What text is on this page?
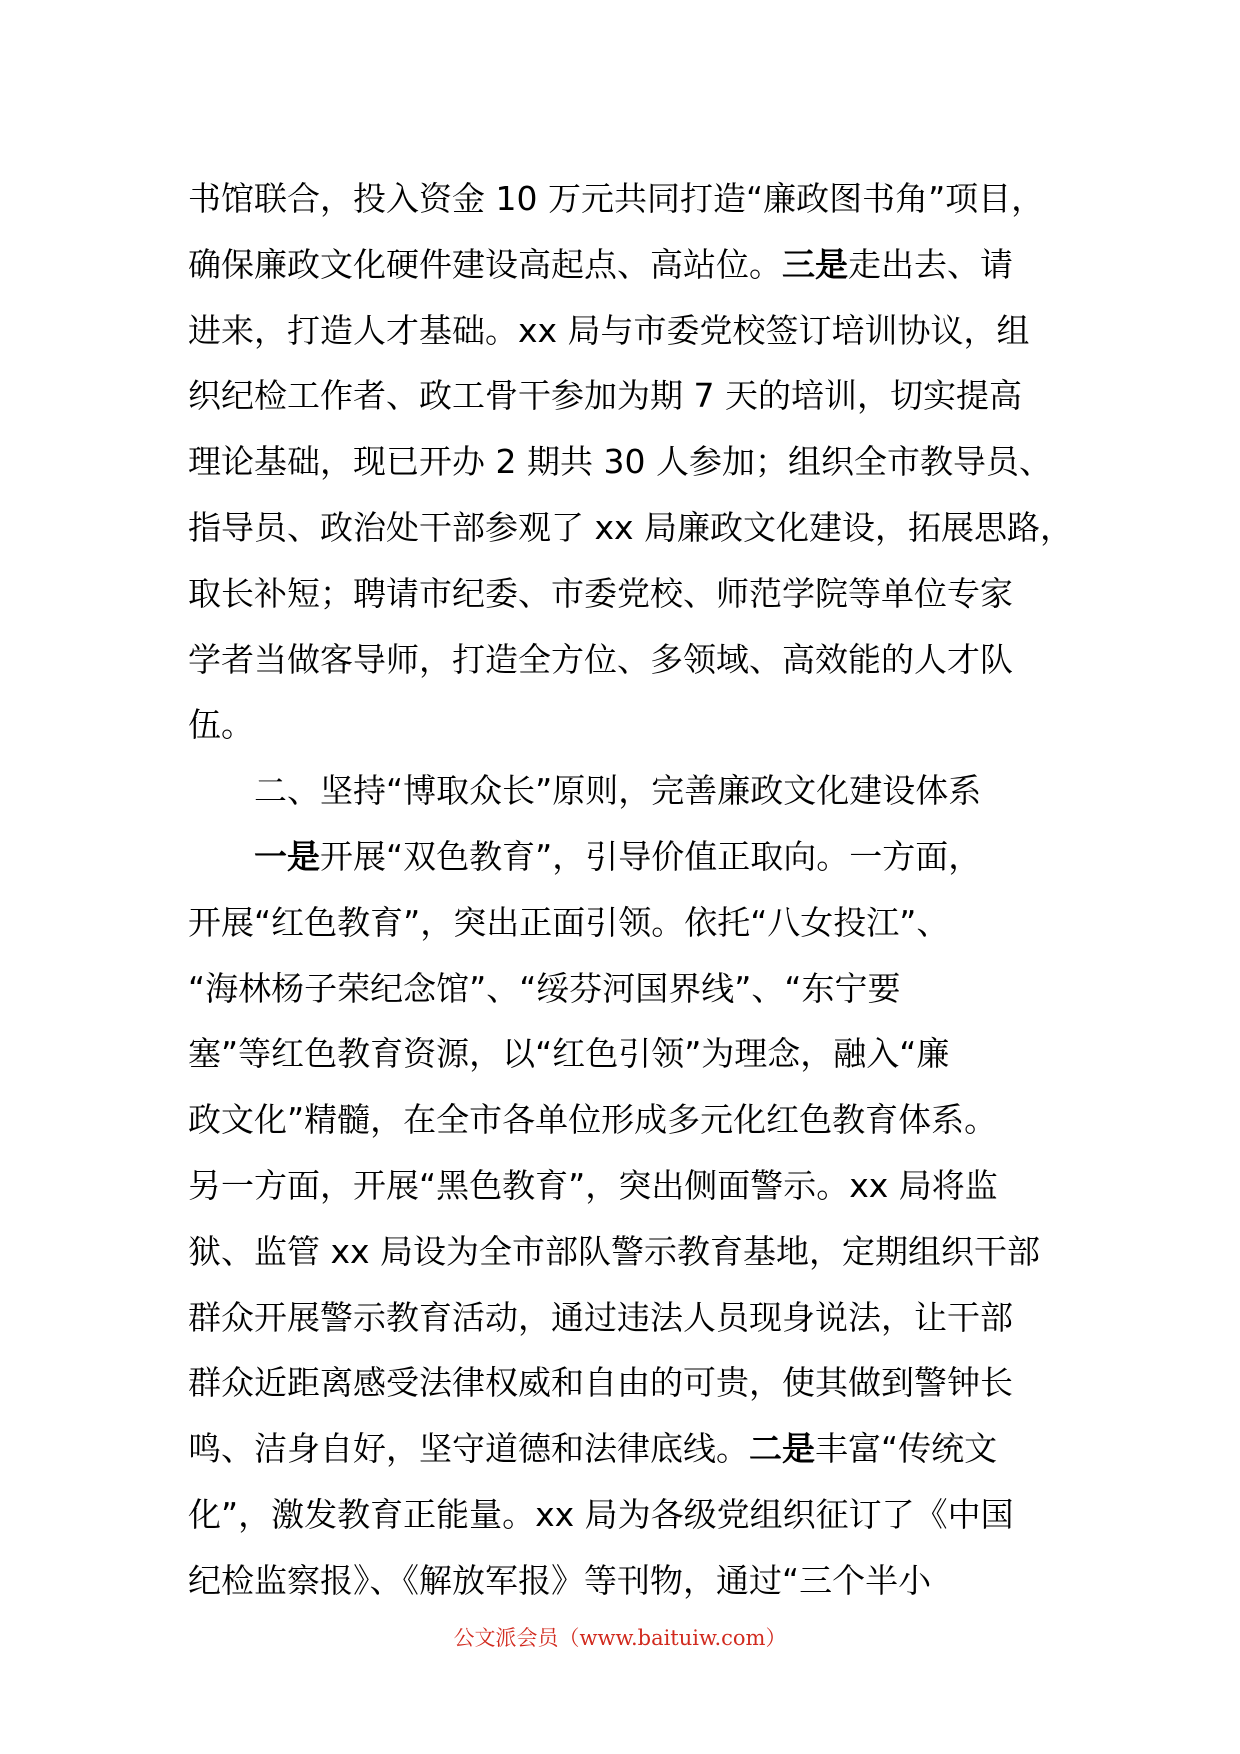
书馆联合，投入资金 10 万元共同打造“廉政图书角”项目，
确保廉政文化硬件建设高起点、高站位。三是走出去、请
进来，打造人才基础。xx 局与市委党校签订培训协议，组
织纪检工作者、政工骨干参加为期 7 天的培训，切实提高
理论基础，现已开办 2 期共 30 人参加；组织全市教导员、
指导员、政治处干部参观了 xx 局廉政文化建设，拓展思路，
取长补短；聘请市纪委、市委党校、师范学院等单位专家
学者当做客导师，打造全方位、多领域、高效能的人才队
伍。
二、坚持“博取众长”原则，完善廉政文化建设体系
一是开展“双色教育”，引导价值正取向。一方面，
开展“红色教育”，突出正面引领。依托“八女投江”、
“海林杨子荣纪念馆”、“绥芬河国界线”、“东宁要
塞”等红色教育资源，以“红色引领”为理念，融入“廉
政文化”精髓，在全市各单位形成多元化红色教育体系。
另一方面，开展“黑色教育”，突出侧面警示。xx 局将监
狱、监管 xx 局设为全市部队警示教育基地，定期组织干部
群众开展警示教育活动，通过违法人员现身说法，让干部
群众近距离感受法律权威和自由的可贵，使其做到警钟长
鸣、洁身自好，坚守道德和法律底线。二是丰富“传统文
化”，激发教育正能量。xx 局为各级党组织征订了《中国
纪检监察报》、《解放军报》等刊物，通过“三个半小
公文派会员（www.baituiw.com）
